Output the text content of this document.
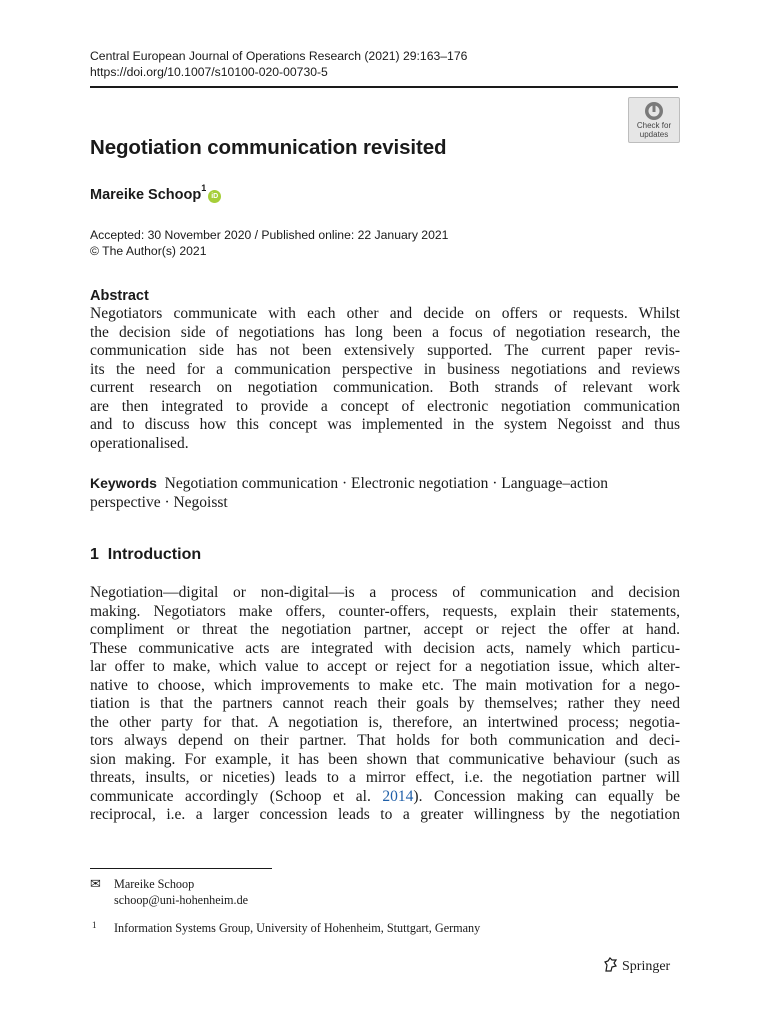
Central European Journal of Operations Research (2021) 29:163–176
https://doi.org/10.1007/s10100-020-00730-5
Check for
updates
Negotiation communication revisited
Mareike Schoop$^1$iD
Accepted: 30 November 2020 / Published online: 22 January 2021
© The Author(s) 2021
Abstract
Negotiators communicate with each other and decide on offers or requests. Whilst
the decision side of negotiations has long been a focus of negotiation research, the
communication side has not been extensively supported. The current paper revis-
its the need for a communication perspective in business negotiations and reviews
current research on negotiation communication. Both strands of relevant work
are then integrated to provide a concept of electronic negotiation communication
and to discuss how this concept was implemented in the system Negoisst and thus
operationalised.
Keywords Negotiation communication · Electronic negotiation · Language–action
perspective · Negoisst
1 Introduction
Negotiation—digital or non-digital—is a process of communication and decision
making. Negotiators make offers, counter-offers, requests, explain their statements,
compliment or threat the negotiation partner, accept or reject the offer at hand.
These communicative acts are integrated with decision acts, namely which particu-
lar offer to make, which value to accept or reject for a negotiation issue, which alter-
native to choose, which improvements to make etc. The main motivation for a nego-
tiation is that the partners cannot reach their goals by themselves; rather they need
the other party for that. A negotiation is, therefore, an intertwined process; negotia-
tors always depend on their partner. That holds for both communication and deci-
sion making. For example, it has been shown that communicative behaviour (such as
threats, insults, or niceties) leads to a mirror effect, i.e. the negotiation partner will
communicate accordingly (Schoop et al. 2014). Concession making can equally be
reciprocal, i.e. a larger concession leads to a greater willingness by the negotiation
✉ Mareike Schoop
schoop@uni-hohenheim.de
1 Information Systems Group, University of Hohenheim, Stuttgart, Germany
Springer
